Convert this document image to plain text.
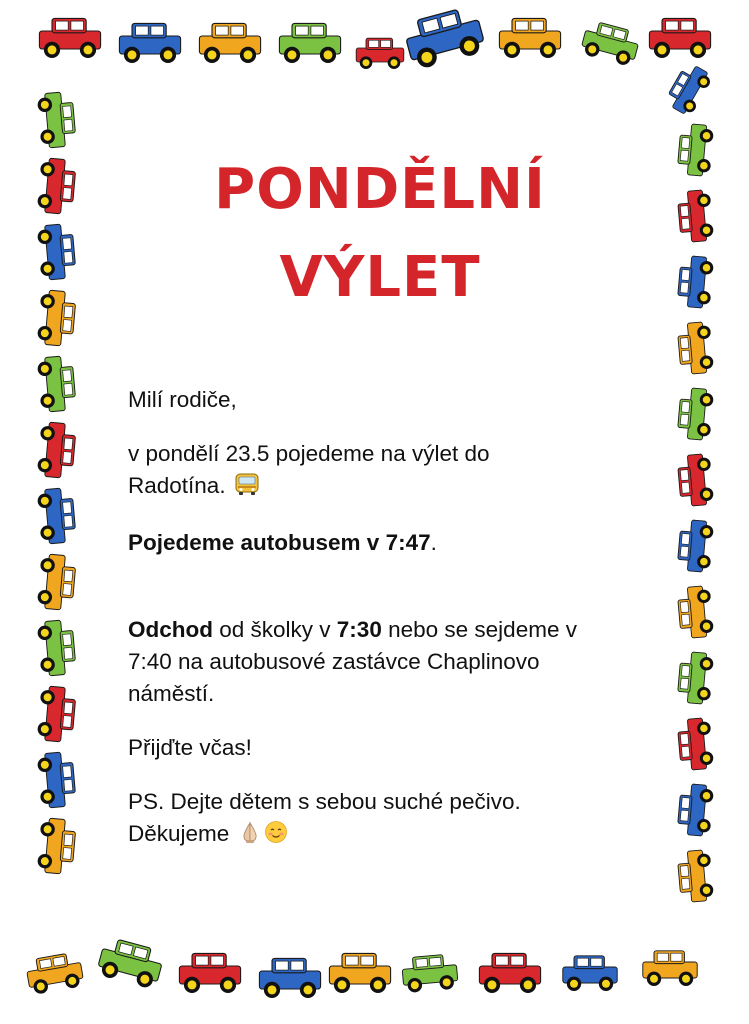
PONDĚLNÍ
VÝLET

Milí rodiče,

v pondělí 23.5 pojedeme na výlet do
Radotína.

Pojedeme autobusem v 7:47.

Odchod od školky v 7:30 nebo se sejdeme v
7:40 na autobusové zastávce Chaplinovo
náměstí.

Přijďte včas!

PS. Dejte dětem s sebou suché pečivo.
Děkujeme
